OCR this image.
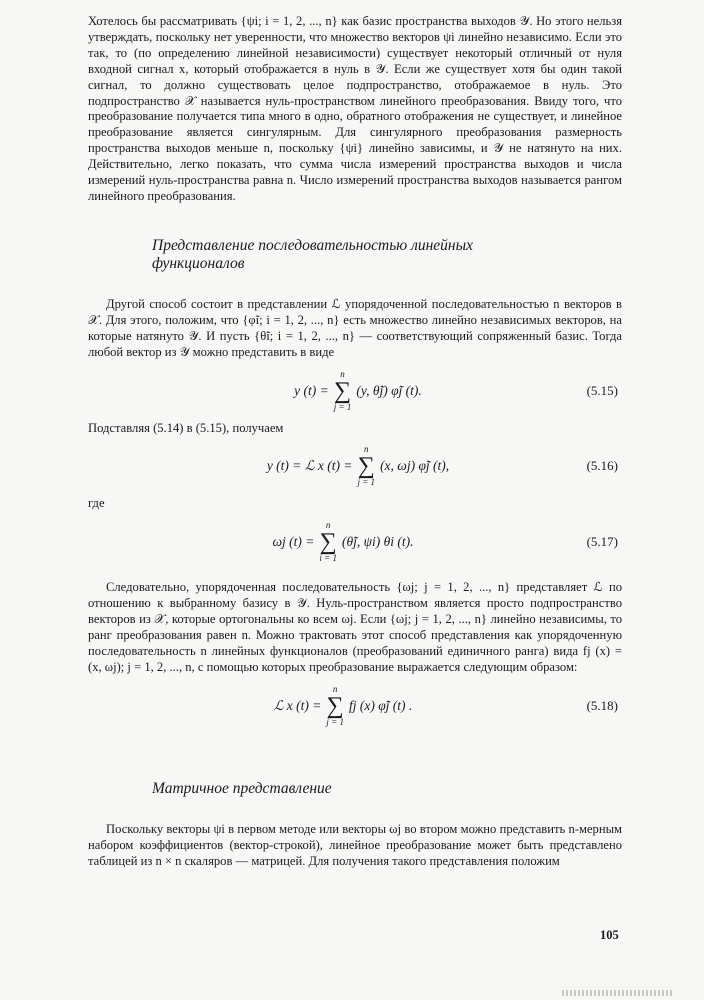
Хотелось бы рассматривать {ψi; i = 1, 2, ..., n} как базис пространства выходов 𝒴. Но этого нельзя утверждать, поскольку нет уверенности, что множество векторов ψi линейно независимо. Если это так, то (по определению линейной независимости) существует некоторый отличный от нуля входной сигнал x, который отображается в нуль в 𝒴. Если же существует хотя бы один такой сигнал, то должно существовать целое подпространство, отображаемое в нуль. Это подпространство 𝒳 называется нуль-пространством линейного преобразования. Ввиду того, что преобразование получается типа много в одно, обратного отображения не существует, и линейное преобразование является сингулярным. Для сингулярного преобразования размерность пространства выходов меньше n, поскольку {ψi} линейно зависимы, и 𝒴 не натянуто на них. Действительно, легко показать, что сумма числа измерений пространства выходов и числа измерений нуль-пространства равна n. Число измерений пространства выходов называется рангом линейного преобразования.

Представление последовательностью линейных

функционалов

Другой способ состоит в представлении ℒ упорядоченной последовательностью n векторов в 𝒳. Для этого, положим, что {φ̃i; i = 1, 2, ..., n} есть множество линейно независимых векторов, на которые натянуто 𝒴. И пусть {θ̃i; i = 1, 2, ..., n} — соответствующий сопряженный базис. Тогда любой вектор из 𝒴 можно представить в виде

y (t) =
n
∑
j = 1
(y, θ̃j) φ̃j (t).	(5.15)

Подставляя (5.14) в (5.15), получаем

y (t) = ℒ x (t) =
n
∑
j = 1
(x, ωj) φ̃j (t),	(5.16)

где

ωj (t) =
n
∑
i = 1
(θ̃j, ψi) θi (t).	(5.17)

Следовательно, упорядоченная последовательность {ωj; j = 1, 2, ..., n} представляет ℒ по отношению к выбранному базису в 𝒴. Нуль-пространством является просто подпространство векторов из 𝒳, которые ортогональны ко всем ωj. Если {ωj; j = 1, 2, ..., n} линейно независимы, то ранг преобразования равен n. Можно трактовать этот способ представления как упорядоченную последовательность n линейных функционалов (преобразований единичного ранга) вида fj (x) = (x, ωj); j = 1, 2, ..., n, с помощью которых преобразование выражается следующим образом:

ℒ x (t) =
n
∑
j = 1
fj (x) φ̃j (t) .	(5.18)

Матричное представление

Поскольку векторы ψi в первом методе или векторы ωj во втором можно представить n-мерным набором коэффициентов (вектор-строкой), линейное преобразование может быть представлено таблицей из n × n скаляров — матрицей. Для получения такого представления положим

105
